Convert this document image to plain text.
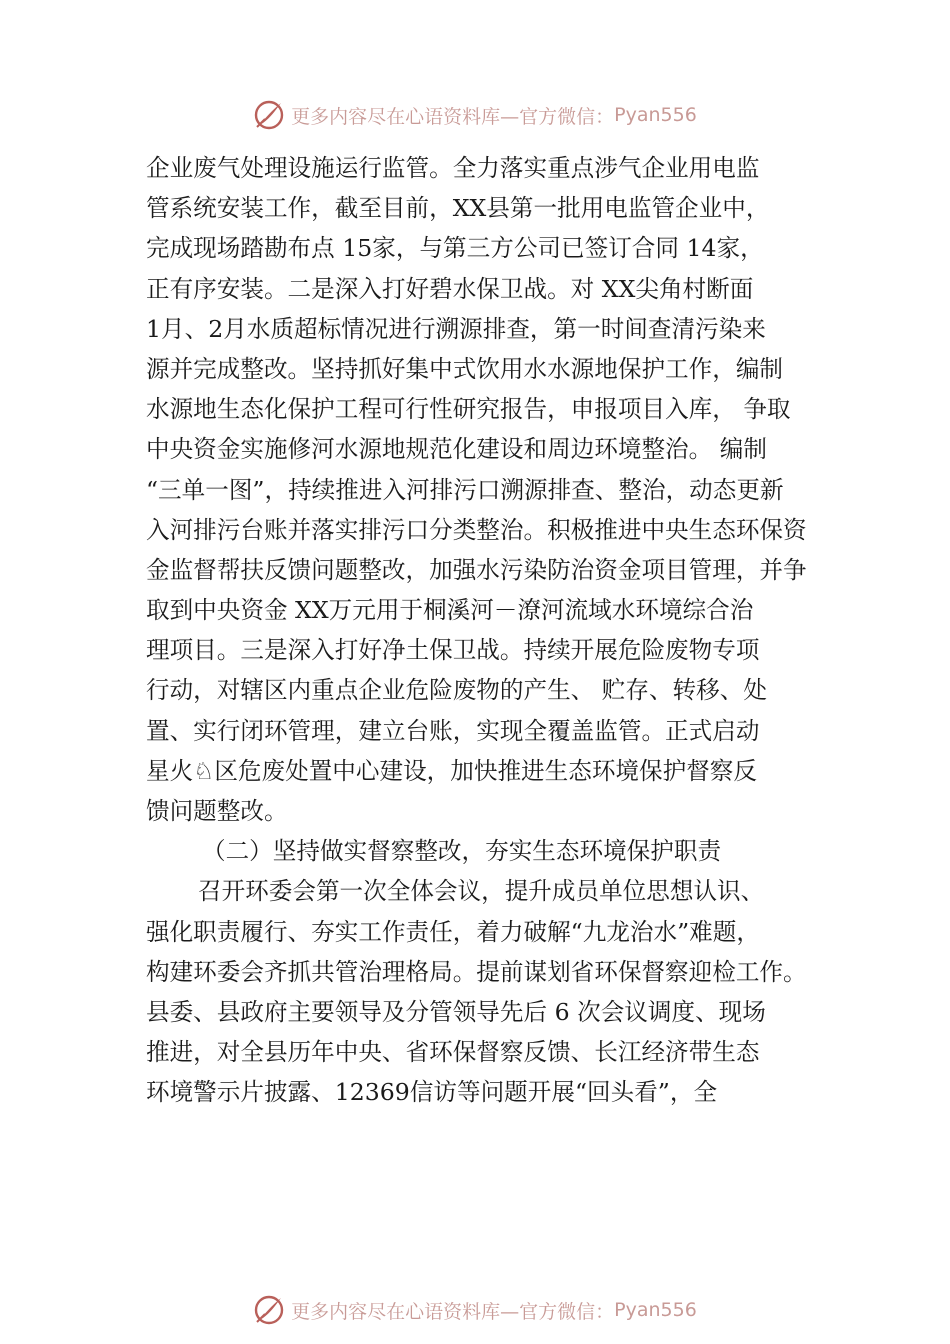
更多内容尽在心语资料库—官方微信： Pyan556
企业废气处理设施运行监管。全力落实重点涉气企业用电监
管系统安装工作，截至目前，XX县第一批用电监管企业中，
完成现场踏勘布点 15家，与第三方公司已签订合同 14家，
正有序安装。二是深入打好碧水保卫战。对 XX尖角村断面
1月、2月水质超标情况进行溯源排查，第一时间查清污染来
源并完成整改。坚持抓好集中式饮用水水源地保护工作，编制
水源地生态化保护工程可行性研究报告，申报项目入库， 争取
中央资金实施修河水源地规范化建设和周边环境整治。 编制
“三单一图”，持续推进入河排污口溯源排查、整治，动态更新
入河排污台账并落实排污口分类整治。积极推进中央生态环保资
金监督帮扶反馈问题整改，加强水污染防治资金项目管理，并争
取到中央资金 XX万元用于桐溪河－潦河流域水环境综合治
理项目。三是深入打好净土保卫战。持续开展危险废物专项
行动，对辖区内重点企业危险废物的产生、 贮存、转移、处
置、实行闭环管理，建立台账，实现全覆盖监管。正式启动
星火♘区危废处置中心建设，加快推进生态环境保护督察反
馈问题整改。
（二）坚持做实督察整改，夯实生态环境保护职责
召开环委会第一次全体会议，提升成员单位思想认识、
强化职责履行、夯实工作责任，着力破解“九龙治水”难题，
构建环委会齐抓共管治理格局。提前谋划省环保督察迎检工作。
县委、县政府主要领导及分管领导先后 6 次会议调度、现场
推进，对全县历年中央、省环保督察反馈、长江经济带生态
环境警示片披露、12369信访等问题开展“回头看”，全
更多内容尽在心语资料库—官方微信： Pyan556
